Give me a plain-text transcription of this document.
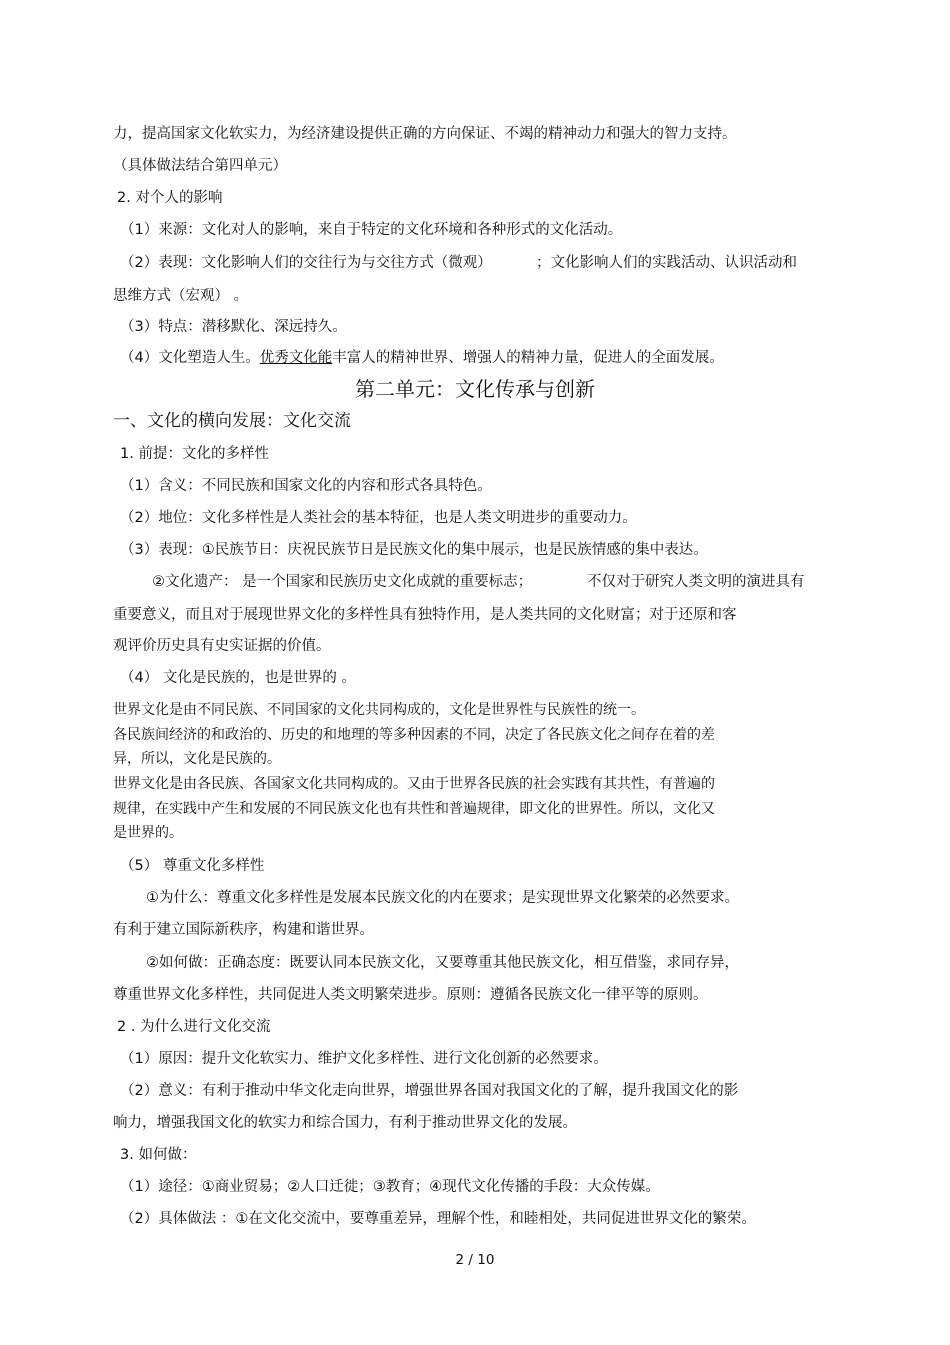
力，提高国家文化软实力，为经济建设提供正确的方向保证、不竭的精神动力和强大的智力支持。
（具体做法结合第四单元）
2. 对个人的影响
（1）来源：文化对人的影响，来自于特定的文化环境和各种形式的文化活动。
（2）表现：文化影响人们的交往行为与交往方式（微观）	；文化影响人们的实践活动、认识活动和
思维方式（宏观） 。
（3）特点：潜移默化、深远持久。
（4）文化塑造人生。优秀文化能丰富人的精神世界、增强人的精神力量，促进人的全面发展。
第二单元：文化传承与创新
一、文化的横向发展：文化交流
1. 前提：文化的多样性
（1）含义：不同民族和国家文化的内容和形式各具特色。
（2）地位：文化多样性是人类社会的基本特征，也是人类文明进步的重要动力。
（3）表现：①民族节日：庆祝民族节日是民族文化的集中展示，也是民族情感的集中表达。
②文化遗产： 是一个国家和民族历史文化成就的重要标志；	不仅对于研究人类文明的演进具有
重要意义，而且对于展现世界文化的多样性具有独特作用，是人类共同的文化财富；对于还原和客
观评价历史具有史实证据的价值。
（4） 文化是民族的，也是世界的 。
世界文化是由不同民族、不同国家的文化共同构成的，文化是世界性与民族性的统一。
各民族间经济的和政治的、历史的和地理的等多种因素的不同，决定了各民族文化之间存在着的差
异，所以，文化是民族的。
世界文化是由各民族、各国家文化共同构成的。又由于世界各民族的社会实践有其共性，有普遍的
规律，在实践中产生和发展的不同民族文化也有共性和普遍规律，即文化的世界性。所以，文化又
是世界的。
（5） 尊重文化多样性
①为什么：尊重文化多样性是发展本民族文化的内在要求；是实现世界文化繁荣的必然要求。
有利于建立国际新秩序，构建和谐世界。
②如何做：正确态度：既要认同本民族文化，又要尊重其他民族文化，相互借鉴，求同存异，
尊重世界文化多样性，共同促进人类文明繁荣进步。原则：遵循各民族文化一律平等的原则。
2 . 为什么进行文化交流
（1）原因：提升文化软实力、维护文化多样性、进行文化创新的必然要求。
（2）意义：有利于推动中华文化走向世界，增强世界各国对我国文化的了解，提升我国文化的影
响力，增强我国文化的软实力和综合国力，有利于推动世界文化的发展。
3. 如何做：
（1）途径：①商业贸易；②人口迁徙；③教育；④现代文化传播的手段：大众传媒。
（2）具体做法 ：①在文化交流中，要尊重差异，理解个性，和睦相处，共同促进世界文化的繁荣。
2 / 10
